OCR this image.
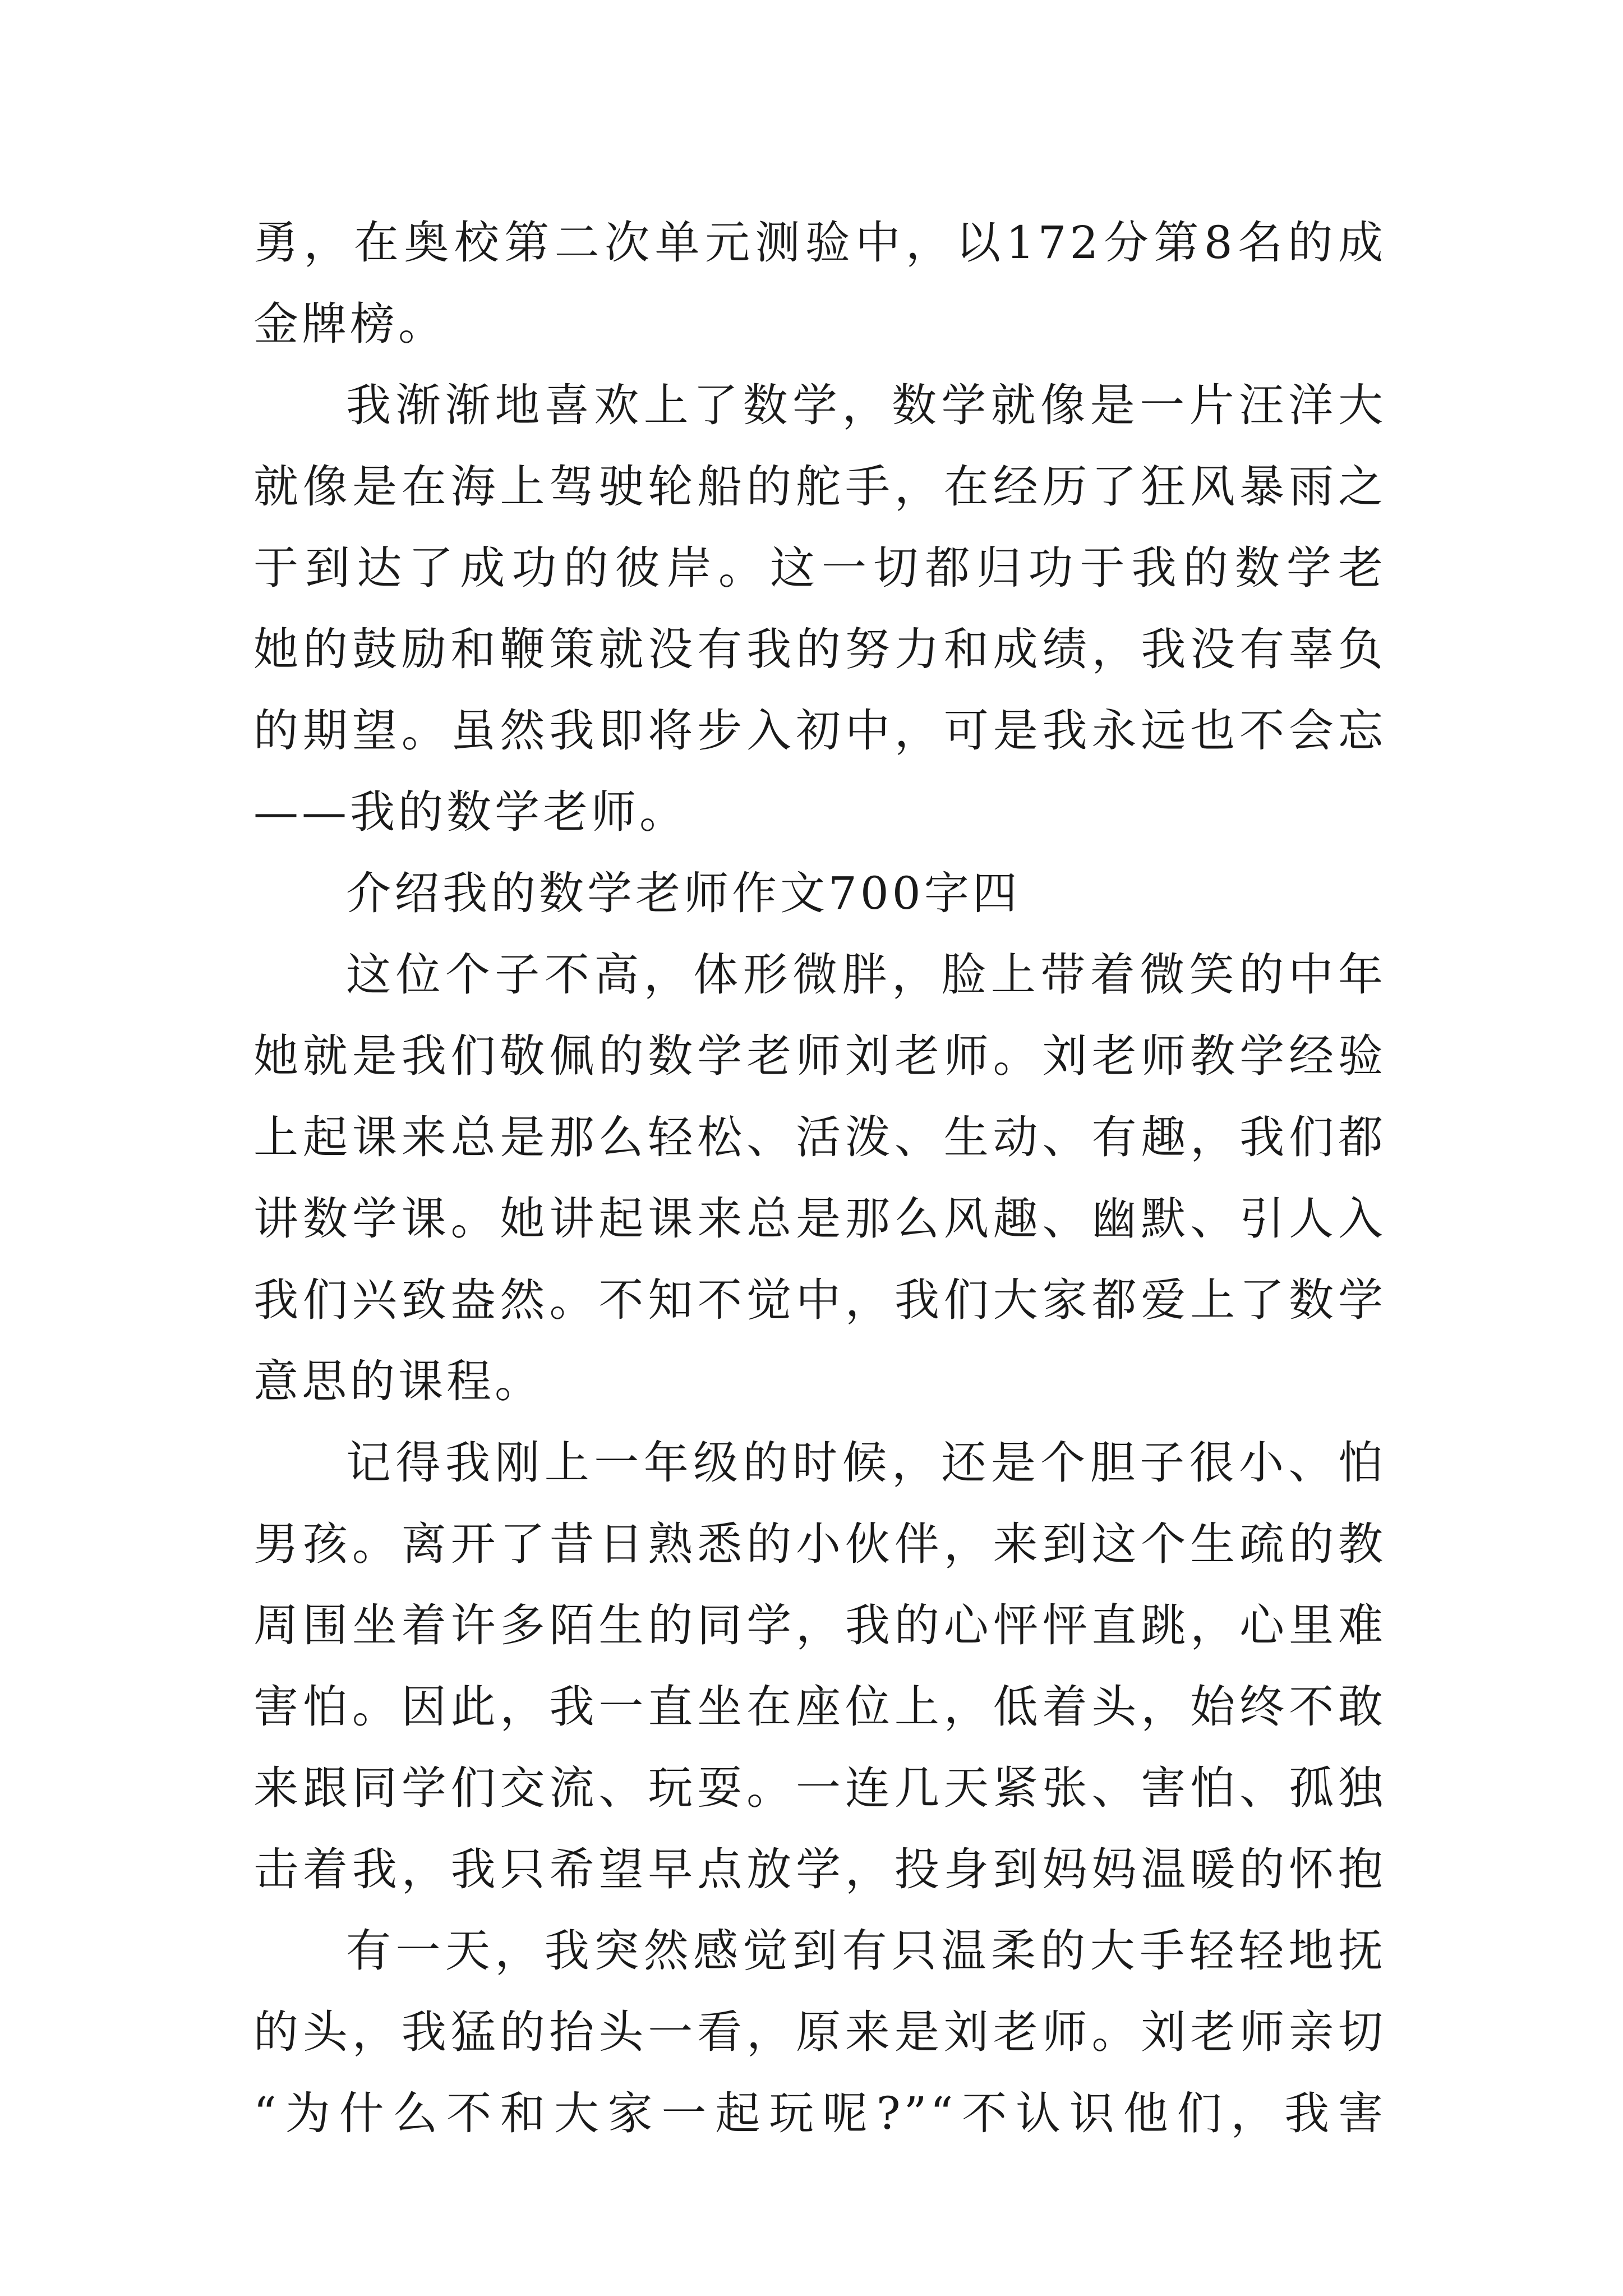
勇，在奥校第二次单元测验中，以172分第8名的成
金牌榜。
我渐渐地喜欢上了数学，数学就像是一片汪洋大
就像是在海上驾驶轮船的舵手，在经历了狂风暴雨之
于到达了成功的彼岸。这一切都归功于我的数学老
她的鼓励和鞭策就没有我的努力和成绩，我没有辜负
的期望。虽然我即将步入初中，可是我永远也不会忘
——我的数学老师。
介绍我的数学老师作文700字四
这位个子不高，体形微胖，脸上带着微笑的中年
她就是我们敬佩的数学老师刘老师。刘老师教学经验
上起课来总是那么轻松、活泼、生动、有趣，我们都
讲数学课。她讲起课来总是那么风趣、幽默、引人入
我们兴致盎然。不知不觉中，我们大家都爱上了数学
意思的课程。
记得我刚上一年级的时候，还是个胆子很小、怕
男孩。离开了昔日熟悉的小伙伴，来到这个生疏的教
周围坐着许多陌生的同学，我的心怦怦直跳，心里难
害怕。因此，我一直坐在座位上，低着头，始终不敢
来跟同学们交流、玩耍。一连几天紧张、害怕、孤独
击着我，我只希望早点放学，投身到妈妈温暖的怀抱
有一天，我突然感觉到有只温柔的大手轻轻地抚
的头，我猛的抬头一看，原来是刘老师。刘老师亲切
“为什么不和大家一起玩呢?”“不认识他们，我害
